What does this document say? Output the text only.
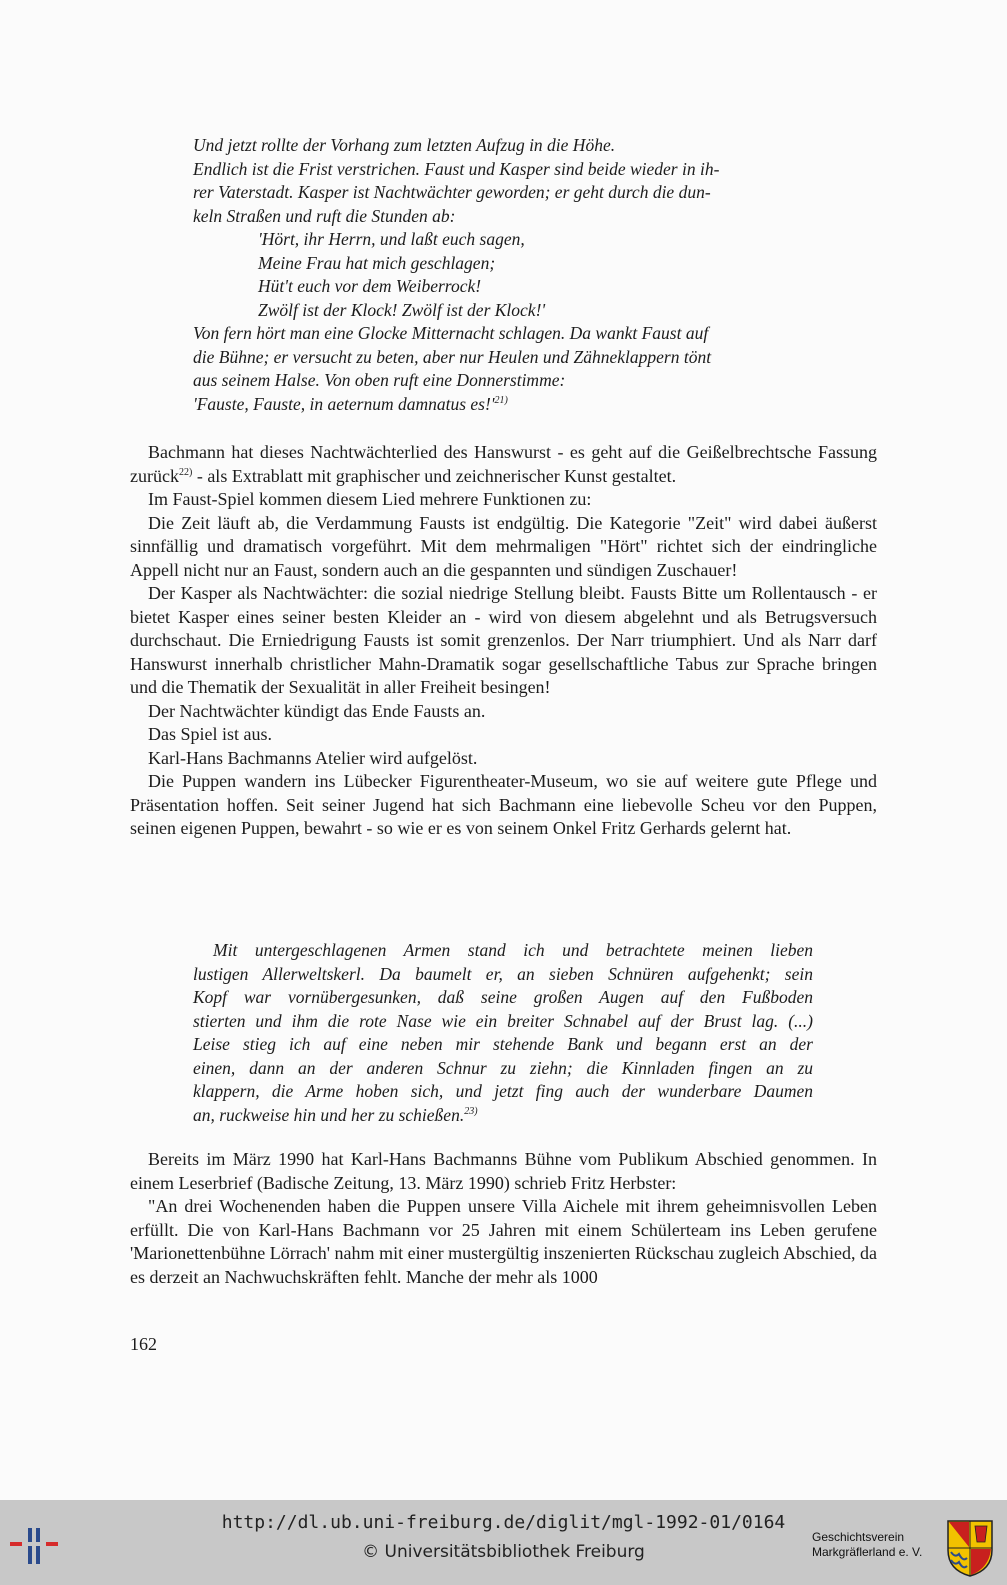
Und jetzt rollte der Vorhang zum letzten Aufzug in die Höhe.
Endlich ist die Frist verstrichen. Faust und Kasper sind beide wieder in ih-
rer Vaterstadt. Kasper ist Nachtwächter geworden; er geht durch die dun-
keln Straßen und ruft die Stunden ab:
'Hört, ihr Herrn, und laßt euch sagen,
Meine Frau hat mich geschlagen;
Hüt't euch vor dem Weiberrock!
Zwölf ist der Klock! Zwölf ist der Klock!'
Von fern hört man eine Glocke Mitternacht schlagen. Da wankt Faust auf
die Bühne; er versucht zu beten, aber nur Heulen und Zähneklappern tönt
aus seinem Halse. Von oben ruft eine Donnerstimme:
'Fauste, Fauste, in aeternum damnatus $es!'^{21)}$

Bachmann hat dieses Nachtwächterlied des Hanswurst - es geht auf die Geißelbrechtsche Fassung zurück$^{22)}$ - als Extrablatt mit graphischer und zeichnerischer Kunst gestaltet.

Im Faust-Spiel kommen diesem Lied mehrere Funktionen zu:

Die Zeit läuft ab, die Verdammung Fausts ist endgültig. Die Kategorie "Zeit" wird dabei äußerst sinnfällig und dramatisch vorgeführt. Mit dem mehrmaligen "Hört" richtet sich der eindringliche Appell nicht nur an Faust, sondern auch an die gespannten und sündigen Zuschauer!

Der Kasper als Nachtwächter: die sozial niedrige Stellung bleibt. Fausts Bitte um Rollentausch - er bietet Kasper eines seiner besten Kleider an - wird von diesem abgelehnt und als Betrugsversuch durchschaut. Die Erniedrigung Fausts ist somit grenzenlos. Der Narr triumphiert. Und als Narr darf Hanswurst innerhalb christlicher Mahn-Dramatik sogar gesellschaftliche Tabus zur Sprache bringen und die Thematik der Sexualität in aller Freiheit besingen!

Der Nachtwächter kündigt das Ende Fausts an.

Das Spiel ist aus.

Karl-Hans Bachmanns Atelier wird aufgelöst.

Die Puppen wandern ins Lübecker Figurentheater-Museum, wo sie auf weitere gute Pflege und Präsentation hoffen. Seit seiner Jugend hat sich Bachmann eine liebevolle Scheu vor den Puppen, seinen eigenen Puppen, bewahrt - so wie er es von seinem Onkel Fritz Gerhards gelernt hat.

Mit untergeschlagenen Armen stand ich und betrachtete meinen lieben
lustigen Allerweltskerl. Da baumelt er, an sieben Schnüren aufgehenkt; sein
Kopf war vornübergesunken, daß seine großen Augen auf den Fußboden
stierten und ihm die rote Nase wie ein breiter Schnabel auf der Brust lag. (...)
Leise stieg ich auf eine neben mir stehende Bank und begann erst an der
einen, dann an der anderen Schnur zu ziehn; die Kinnladen fingen an zu
klappern, die Arme hoben sich, und jetzt fing auch der wunderbare Daumen
an, ruckweise hin und her zu schießen.$^{23)}$

Bereits im März 1990 hat Karl-Hans Bachmanns Bühne vom Publikum Abschied genommen. In einem Leserbrief (Badische Zeitung, 13. März 1990) schrieb Fritz Herbster:

"An drei Wochenenden haben die Puppen unsere Villa Aichele mit ihrem geheimnisvollen Leben erfüllt. Die von Karl-Hans Bachmann vor 25 Jahren mit einem Schülerteam ins Leben gerufene 'Marionettenbühne Lörrach' nahm mit einer mustergültig inszenierten Rückschau zugleich Abschied, da es derzeit an Nachwuchskräften fehlt. Manche der mehr als 1000

162
http://dl.ub.uni-freiburg.de/diglit/mgl-1992-01/0164
© Universitätsbibliothek Freiburg
Geschichtsverein
Markgräflerland e. V.
